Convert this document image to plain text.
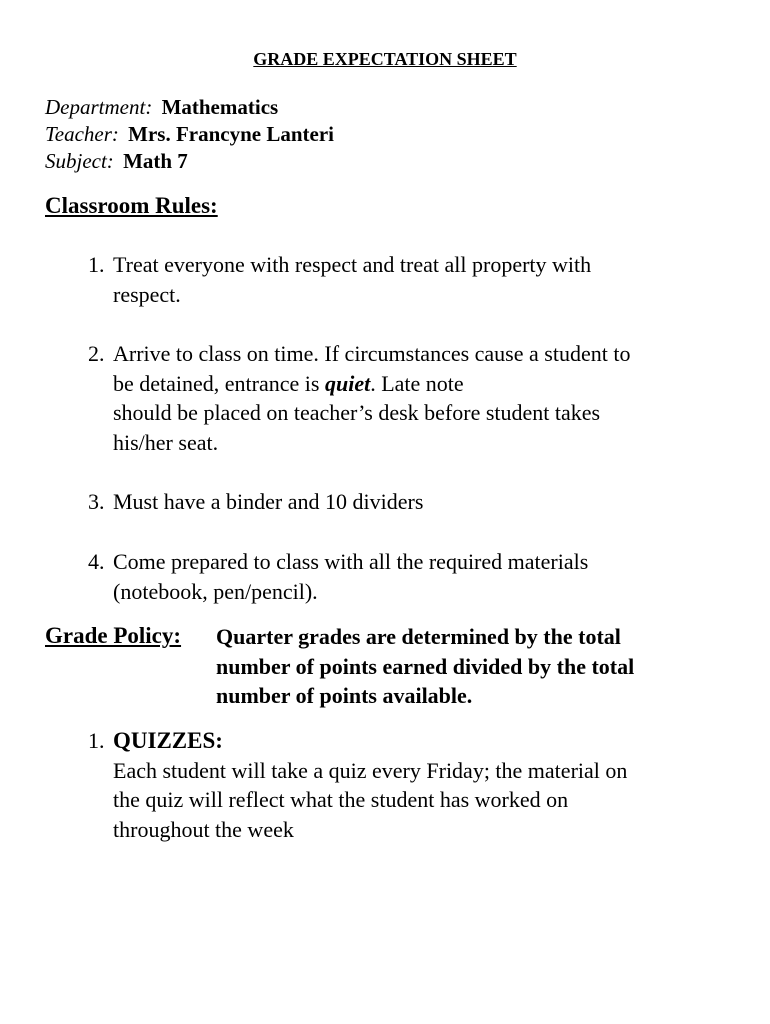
GRADE EXPECTATION SHEET
Department: Mathematics
Teacher: Mrs. Francyne Lanteri
Subject: Math 7
Classroom Rules:
1. Treat everyone with respect and treat all property with
respect.
2. Arrive to class on time. If circumstances cause a student to
be detained, entrance is quiet. Late note
should be placed on teacher’s desk before student takes
his/her seat.
3. Must have a binder and 10 dividers
4. Come prepared to class with all the required materials
(notebook, pen/pencil).
Grade Policy: Quarter grades are determined by the total
number of points earned divided by the total
number of points available.
1. QUIZZES:
Each student will take a quiz every Friday; the material on
the quiz will reflect what the student has worked on
throughout the week
